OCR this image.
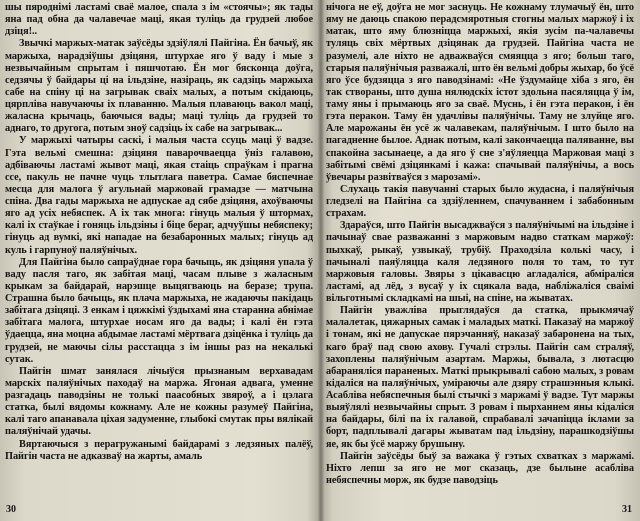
шы пяродні́мі ластамі сваё малое, спала з ім «стоячы»; як тады яна пад обна да чалавечае мацi, якая тулiць да грудзей любое дзiця!..

Звычкi маржых-матак заўсёды здзiўлялi Пайгiна. Ён бачыў, як маржыха, нарадзiўшы дзiцяня, штурхае яго ў ваду i мые з незвычайным спрытам i пяшчотаю. Ён мог бясконца доўга, седзячы ў байдары ці на ільдзіне, назіраць, як садзіць маржыха сабе на спіну ці на загрывак сваіх малых, а потым скідаюць, цярпліва навучаючы іх плаванню. Малыя плаваюць вакол маці, жаласна крычаць, баючыся вады; маці туліць да грудзей то аднаго, то другога, потым зноў садзіць іх сабе на загрывак...

У маржыхі чатыры саскі, і малыя часта ссуць маці ў вадзе. Гэта вельмі смешна: дзіцяня паварочваецца ўніз галавою, адбіваючы ластамі жывот маці, якая стаіць спраўкам і прагна ссе, пакуль не пачне чуць тлытлага паветра. Самае бяспечнае месца для малога ў агульнай маржовай грамадзе — матчына спіна. Два гады маржыха не адпускае ад сябе дзіцяня, ахоўваючы яго ад усіх небяспек. А іх так многа: гінуць малыя ў штормах, калі іх стаўкае і гоняць ільдзіны і біце бераг, адчуўшы небяспеку; гінуць ад вумкі, які нападае на безабаронных малых; гінуць ад куль і гарпуноў паляўнічых.

Для Пайгіна было сапраўднае гора бачыць, як дзіцяня упала ў ваду пасля таго, як забітая маці, часам плыве з жаласным крыкам за байдарай, нарэшце выцягваюць на беразе; трупа. Страшна было бачыць, як плача маржыха, не жадаючы пакідаць забітага дзіцяці. З енкам і цяжкімі ўздыхамі яна старанна абнімае забітага малога, штурхае носам яго да вады; і калі ён гэта ўдаецца, яна моцна абдымае ластамі мёртвага дзіцёнка і туліць да грудзей, не маючы сілы расстацца з ім іншы раз на некалькі сутак.

Пайгін шмат занялася лічыўся прызнаным верхавадам марскіх паляўнічых паходаў на маржа. Ягоная адвага, уменне разгадаць паводзіны не толькі паасобных звяроў, а і цэлага статка, былі вядомы кожнаму. Але не кожны разумеў Пайгіна, калі таго апанавала ціхая задуменне, глыбокі смутак пры вялікай паляўнічай удачы.

Вяртаючыся з перагружанымі байдарамі з ледзяных палёў, Пайгін часта не адказваў на жарты, амаль

30

нічога не еў, доўга не мог заснуць. Не кожнаму тлумачыў ён, што яму не даюць спакою перадсмяротныя стогны малых маржоў і іх матак, што яму блюзніцца маржыхі, якія зусім па-чалавечы туляць свіх мёртвых дзіцянак да грудзей. Пайгіна часта не разумелі, але ніхто не адважваўся смяяцца з яго; больш таго, старыя паляўнічыя разважалі, што ён вельмі добры жыхар, бо ўсё яго ўсе будзяцца з яго паводзінамі: «Не ўздумайце хіба з яго, ён так створаны, што душа нялюдскіх істот здольна пасяляцца ў ім, таму яны і прымаюць яго за сваё. Муснь, і ён гэта перакон, і ён гэта перакон. Таму ён удачлівы паляўнічы. Таму не злуйце яго. Але марожаны ён усё ж чалавекам, паляўнічым. І што было на пагадненне былое. Аднак потым, калі закончаецца паляванне, вы спакойна засынаеце, а да яго ў сне з'яўляецца Маржовая маці з забітымі свёмі дзіцянкамі і кажа: спачывай паляўнічы, а вось ўвечары развітваўся з марозамі».

Слухаць такія павучанні старых было жудасна, і паляўнічыя гледзелі на Пайгіна са здзіўленнем, спачуваннем і забабонным страхам.

Здараўся, што Пайгін высаджваўся з паляўнічымі на ільдзіне і пачынаў свае разважанні з маржовым надво статкам маржоў: пыхкаў, рыкаў, узвыкаў, трубіў. Праходзіла колькі часу, і пачыналі паяўляцца каля ледзяного поля то там, то тут маржовыя галовы. Звяры з цікавасцю агладаліся, абміраліся ластамі, ад лёд, з вусаў у іх сцякала вада, набліжаліся сваімі вільготнымі складкамі на шыі, на спіне, на жыватах.

Пайгін уважліва прыглядаўся да статка, прыкмячаў малалетак, цяжарных самак і маладых маткі. Паказаў на маржоў і тонам, які не дапускае пярэчанняў, наказаў забаронена на тых, каго браў пад свою ахову. Гучалі стрэлы. Пайгін сам страляў, захоплены паляўнічым азартам. Маржы, бывала, з лютасцю абараняліся параненых. Маткі прыкрывалі сабою малых, з ровам кідаліся на паляўнічых, уміраючы але дзяру страшэнныя клыкі. Асабліва небяспечныя былі стычкі з маржамі ў вадзе. Тут маржы выяўлялі незвычайны спрыт. З ровам і пырханнем яны кідаліся на байдары, білі па іх галавой, спрабавалі зачапіцца іклами за борт, падплывалі дагары жыватам пад ільдзіну, парашкодзіўшы яе, як бы ўсё маржу брушыну.

Пайгін заўсёды быў за важака ў гэтых схватках з маржамі. Ніхто лепш за яго не мог сказаць, дзе былыне асабліва небяспечны морж, як будзе паводзіць

31
